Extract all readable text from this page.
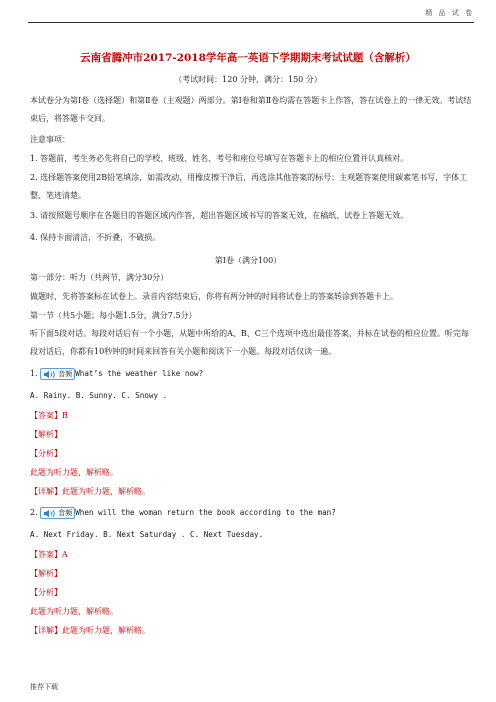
精 品 试 卷
云南省腾冲市2017-2018学年高一英语下学期期末考试试题（含解析）
（考试时间：120 分钟，满分：150 分）
本试卷分为第Ⅰ卷（选择题）和第Ⅱ卷（主观题）两部分。第Ⅰ卷和第Ⅱ卷均需在答题卡上作答，答在试卷上的一律无效。考试结束后，将答题卡交回。
注意事项：
1. 答题前，考生务必先将自己的学校、班级、姓名、考号和座位号填写在答题卡上的相应位置并认真核对。
2. 选择题答案使用2B铅笔填涂，如需改动，用橡皮擦干净后，再选涂其他答案的标号；主观题答案使用碳素笔书写，字体工整、笔迹清楚。
3. 请按照题号顺序在各题目的答题区域内作答，超出答题区域书写的答案无效，在稿纸、试卷上答题无效。
4. 保持卡面清洁，不折叠，不破损。
第Ⅰ卷（满分100）
第一部分：听力（共两节，满分30分）
做题时，先将答案标在试卷上。录音内容结束后，你将有两分钟的时间将试卷上的答案转涂到答题卡上。
第一节（共5小题；每小题1.5分，满分7.5分）
听下面5段对话。每段对话后有一个小题，从题中所给的A、B、C三个选项中选出最佳答案，并标在试卷的相应位置。听完每段对话后，你都有10秒钟的时间来回答有关小题和阅读下一小题。每段对话仅读一遍。
1.	音频 What’s the weather like now?
A. Rainy. B. Sunny. C. Snowy .
【答案】B
【解析】
【分析】
此题为听力题，解析略。
【详解】此题为听力题，解析略。
2.	音频 When will the woman return the book according to the man?
A. Next Friday. B. Next Saturday . C. Next Tuesday.
【答案】A
【解析】
【分析】
此题为听力题，解析略。
【详解】此题为听力题，解析略。
推荐下载
